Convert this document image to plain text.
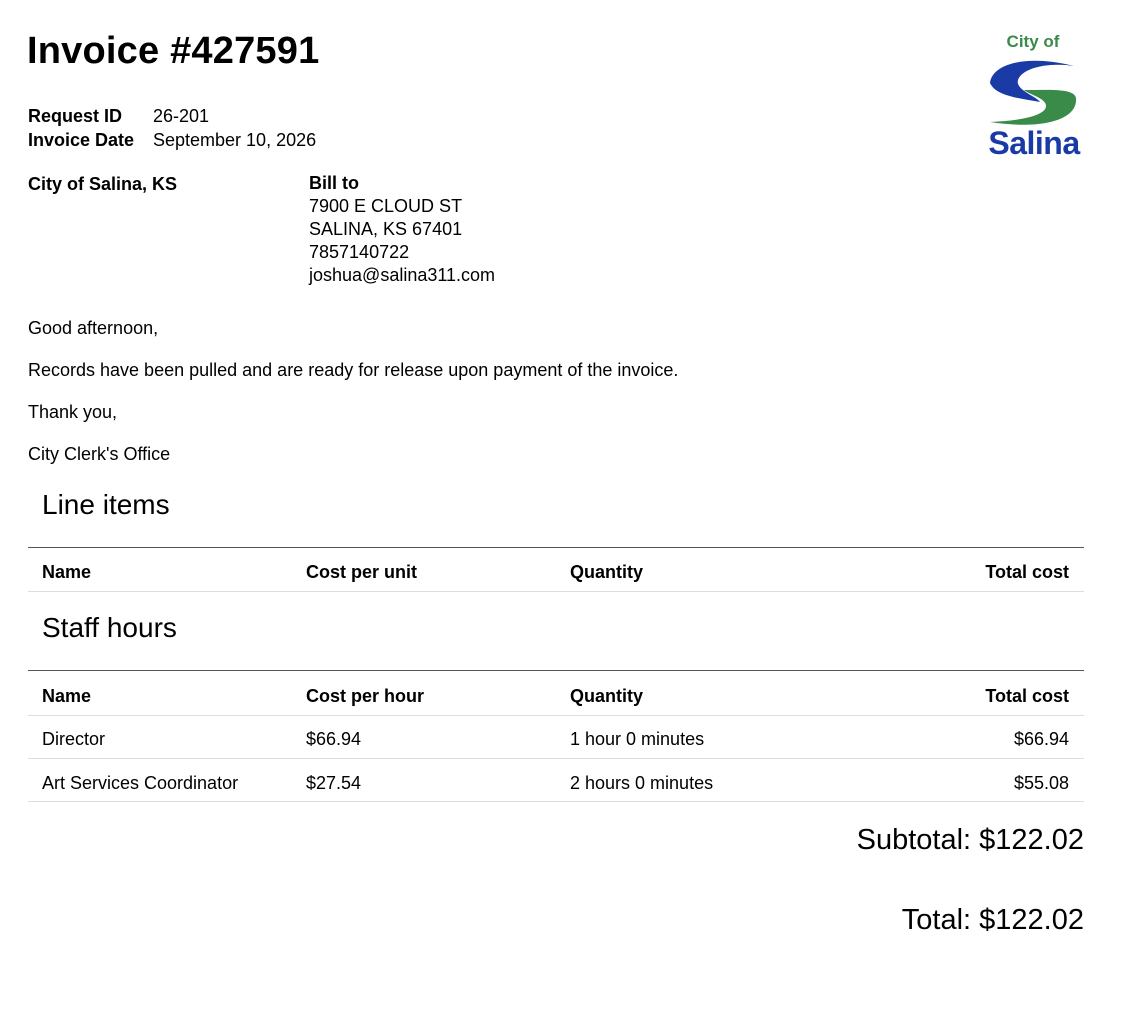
Invoice #427591
Request ID 26-201
Invoice Date September 10, 2026
City of
Salina
City of Salina, KS	Bill to
7900 E CLOUD ST
SALINA, KS 67401
7857140722
joshua@salina311.com
Good afternoon,
Records have been pulled and are ready for release upon payment of the invoice.
Thank you,
City Clerk's Office
Line items
Name	Cost per unit	Quantity	Total cost
Staff hours
Name	Cost per hour	Quantity	Total cost
Director	$66.94	1 hour 0 minutes	$66.94
Art Services Coordinator	$27.54	2 hours 0 minutes	$55.08
Subtotal: $122.02
Total: $122.02
